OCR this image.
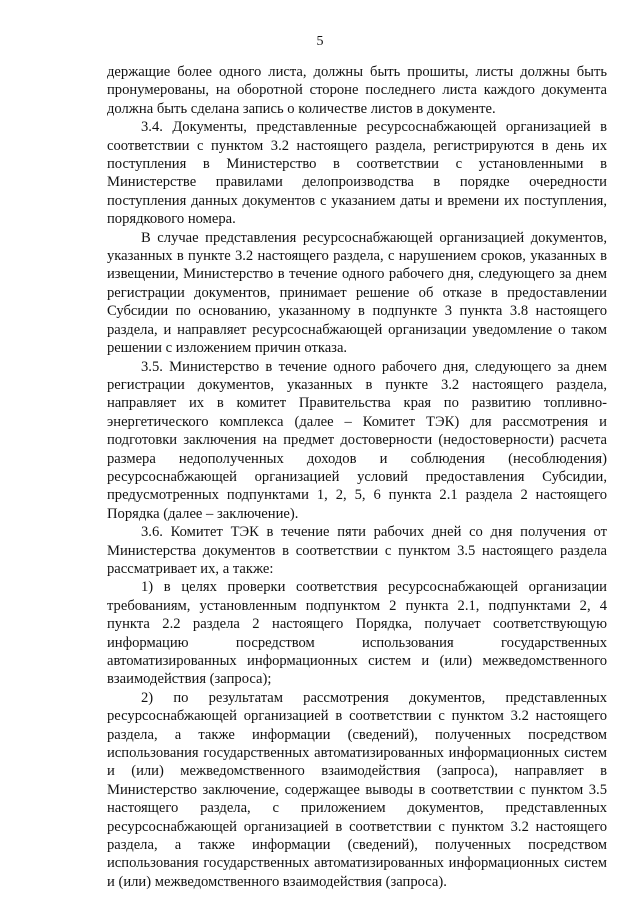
5

держащие более одного листа, должны быть прошиты, листы должны быть пронумерованы, на оборотной стороне последнего листа каждого документа должна быть сделана запись о количестве листов в документе.

3.4. Документы, представленные ресурсоснабжающей организацией в соответствии с пунктом 3.2 настоящего раздела, регистрируются в день их поступления в Министерство в соответствии с установленными в Министерстве правилами делопроизводства в порядке очередности поступления данных документов с указанием даты и времени их поступления, порядкового номера.

В случае представления ресурсоснабжающей организацией документов, указанных в пункте 3.2 настоящего раздела, с нарушением сроков, указанных в извещении, Министерство в течение одного рабочего дня, следующего за днем регистрации документов, принимает решение об отказе в предоставлении Субсидии по основанию, указанному в подпункте 3 пункта 3.8 настоящего раздела, и направляет ресурсоснабжающей организации уведомление о таком решении с изложением причин отказа.

3.5. Министерство в течение одного рабочего дня, следующего за днем регистрации документов, указанных в пункте 3.2 настоящего раздела, направляет их в комитет Правительства края по развитию топливно-энергетического комплекса (далее – Комитет ТЭК) для рассмотрения и подготовки заключения на предмет достоверности (недостоверности) расчета размера недополученных доходов и соблюдения (несоблюдения) ресурсоснабжающей организацией условий предоставления Субсидии, предусмотренных подпунктами 1, 2, 5, 6 пункта 2.1 раздела 2 настоящего Порядка (далее – заключение).

3.6. Комитет ТЭК в течение пяти рабочих дней со дня получения от Министерства документов в соответствии с пунктом 3.5 настоящего раздела рассматривает их, а также:

1) в целях проверки соответствия ресурсоснабжающей организации требованиям, установленным подпунктом 2 пункта 2.1, подпунктами 2, 4 пункта 2.2 раздела 2 настоящего Порядка, получает соответствующую информацию посредством использования государственных автоматизированных информационных систем и (или) межведомственного взаимодействия (запроса);

2) по результатам рассмотрения документов, представленных ресурсоснабжающей организацией в соответствии с пунктом 3.2 настоящего раздела, а также информации (сведений), полученных посредством использования государственных автоматизированных информационных систем и (или) межведомственного взаимодействия (запроса), направляет в Министерство заключение, содержащее выводы в соответствии с пунктом 3.5 настоящего раздела, с приложением документов, представленных ресурсоснабжающей организацией в соответствии с пунктом 3.2 настоящего раздела, а также информации (сведений), полученных посредством использования государственных автоматизированных информационных систем и (или) межведомственного взаимодействия (запроса).
